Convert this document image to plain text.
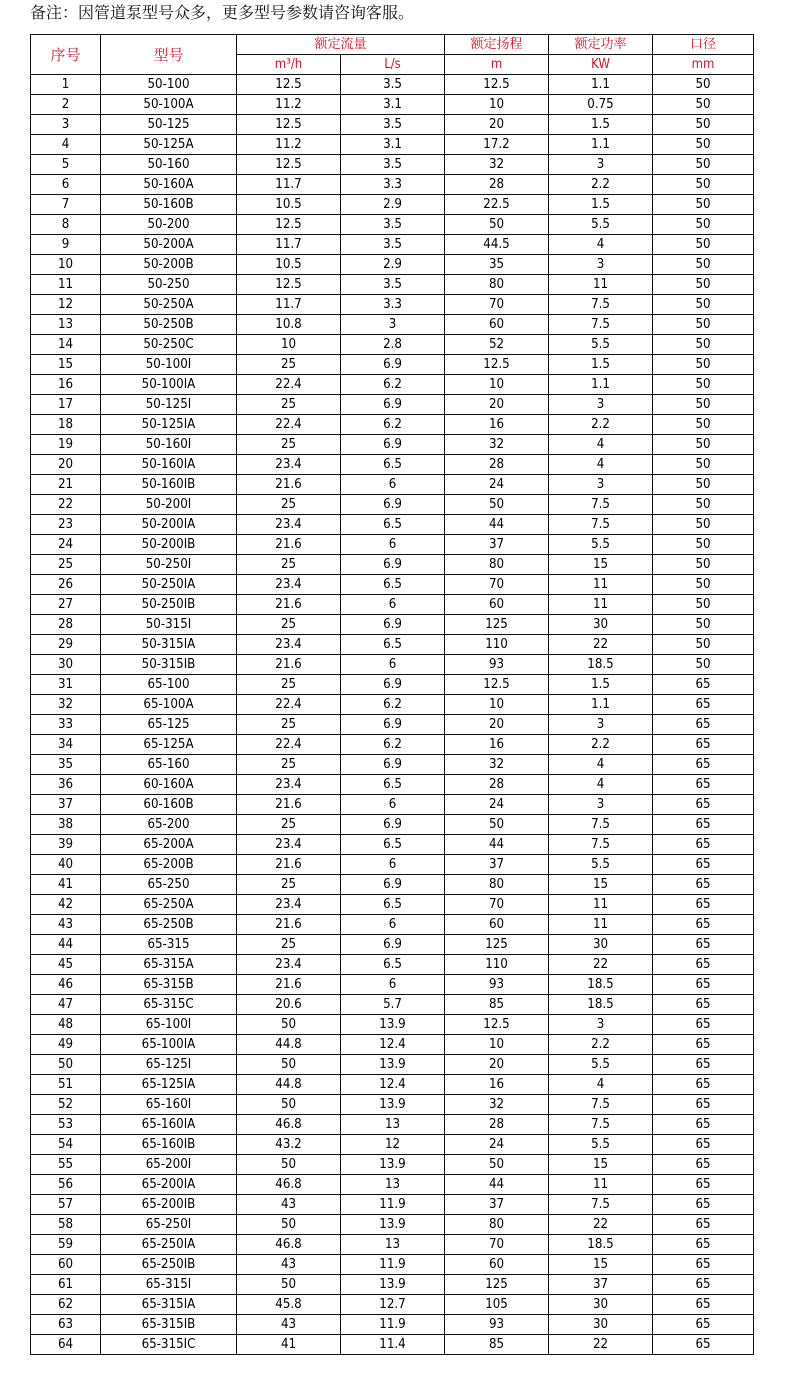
备注：因管道泵型号众多，更多型号参数请咨询客服。
序号	型号	额定流量		额定扬程	额定功率	口径
		m³/h	L/s	m	KW	mm
1	50-100	12.5	3.5	12.5	1.1	50
2	50-100A	11.2	3.1	10	0.75	50
3	50-125	12.5	3.5	20	1.5	50
4	50-125A	11.2	3.1	17.2	1.1	50
5	50-160	12.5	3.5	32	3	50
6	50-160A	11.7	3.3	28	2.2	50
7	50-160B	10.5	2.9	22.5	1.5	50
8	50-200	12.5	3.5	50	5.5	50
9	50-200A	11.7	3.5	44.5	4	50
10	50-200B	10.5	2.9	35	3	50
11	50-250	12.5	3.5	80	11	50
12	50-250A	11.7	3.3	70	7.5	50
13	50-250B	10.8	3	60	7.5	50
14	50-250C	10	2.8	52	5.5	50
15	50-100I	25	6.9	12.5	1.5	50
16	50-100IA	22.4	6.2	10	1.1	50
17	50-125I	25	6.9	20	3	50
18	50-125IA	22.4	6.2	16	2.2	50
19	50-160I	25	6.9	32	4	50
20	50-160IA	23.4	6.5	28	4	50
21	50-160IB	21.6	6	24	3	50
22	50-200I	25	6.9	50	7.5	50
23	50-200IA	23.4	6.5	44	7.5	50
24	50-200IB	21.6	6	37	5.5	50
25	50-250I	25	6.9	80	15	50
26	50-250IA	23.4	6.5	70	11	50
27	50-250IB	21.6	6	60	11	50
28	50-315I	25	6.9	125	30	50
29	50-315IA	23.4	6.5	110	22	50
30	50-315IB	21.6	6	93	18.5	50
31	65-100	25	6.9	12.5	1.5	65
32	65-100A	22.4	6.2	10	1.1	65
33	65-125	25	6.9	20	3	65
34	65-125A	22.4	6.2	16	2.2	65
35	65-160	25	6.9	32	4	65
36	60-160A	23.4	6.5	28	4	65
37	60-160B	21.6	6	24	3	65
38	65-200	25	6.9	50	7.5	65
39	65-200A	23.4	6.5	44	7.5	65
40	65-200B	21.6	6	37	5.5	65
41	65-250	25	6.9	80	15	65
42	65-250A	23.4	6.5	70	11	65
43	65-250B	21.6	6	60	11	65
44	65-315	25	6.9	125	30	65
45	65-315A	23.4	6.5	110	22	65
46	65-315B	21.6	6	93	18.5	65
47	65-315C	20.6	5.7	85	18.5	65
48	65-100I	50	13.9	12.5	3	65
49	65-100IA	44.8	12.4	10	2.2	65
50	65-125I	50	13.9	20	5.5	65
51	65-125IA	44.8	12.4	16	4	65
52	65-160I	50	13.9	32	7.5	65
53	65-160IA	46.8	13	28	7.5	65
54	65-160IB	43.2	12	24	5.5	65
55	65-200I	50	13.9	50	15	65
56	65-200IA	46.8	13	44	11	65
57	65-200IB	43	11.9	37	7.5	65
58	65-250I	50	13.9	80	22	65
59	65-250IA	46.8	13	70	18.5	65
60	65-250IB	43	11.9	60	15	65
61	65-315I	50	13.9	125	37	65
62	65-315IA	45.8	12.7	105	30	65
63	65-315IB	43	11.9	93	30	65
64	65-315IC	41	11.4	85	22	65
